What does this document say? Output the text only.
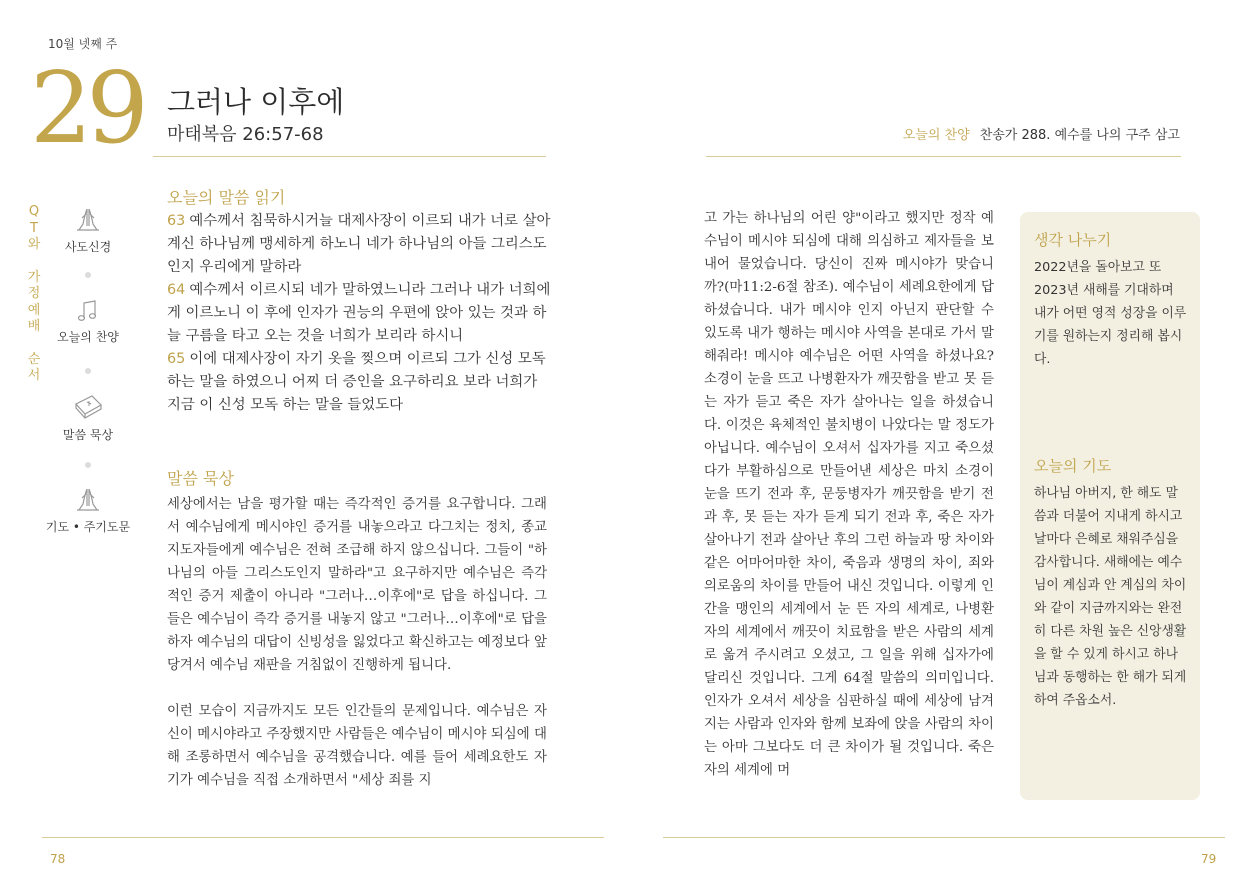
10월 넷째 주
29 그러나 이후에
마태복음 26:57-68	오늘의 찬양 찬송가 288. 예수를 나의 구주 삼고
Q
T
와
가
정
예
배
순
서
사도신경
오늘의 찬양
말씀 묵상
기도 • 주기도문
오늘의 말씀 읽기

63 예수께서 침묵하시거늘 대제사장이 이르되 내가 너로 살아 계신 하나님께 맹세하게 하노니 네가 하나님의 아들 그리스도인지 우리에게 말하라

64 예수께서 이르시되 네가 말하였느니라 그러나 내가 너희에게 이르노니 이 후에 인자가 권능의 우편에 앉아 있는 것과 하늘 구름을 타고 오는 것을 너희가 보리라 하시니

65 이에 대제사장이 자기 옷을 찢으며 이르되 그가 신성 모독하는 말을 하였으니 어찌 더 증인을 요구하리요 보라 너희가 지금 이 신성 모독 하는 말을 들었도다

말씀 묵상

세상에서는 남을 평가할 때는 즉각적인 증거를 요구합니다. 그래서 예수님에게 메시야인 증거를 내놓으라고 다그치는 정치, 종교지도자들에게 예수님은 전혀 조급해 하지 않으십니다. 그들이 "하나님의 아들 그리스도인지 말하라"고 요구하지만 예수님은 즉각적인 증거 제출이 아니라 "그러나…이후에"로 답을 하십니다. 그들은 예수님이 즉각 증거를 내놓지 않고 "그러나…이후에"로 답을 하자 예수님의 대답이 신빙성을 잃었다고 확신하고는 예정보다 앞당겨서 예수님 재판을 거침없이 진행하게 됩니다.

이런 모습이 지금까지도 모든 인간들의 문제입니다. 예수님은 자신이 메시야라고 주장했지만 사람들은 예수님이 메시야 되심에 대해 조롱하면서 예수님을 공격했습니다. 예를 들어 세례요한도 자기가 예수님을 직접 소개하면서 "세상 죄를 지

고 가는 하나님의 어린 양"이라고 했지만 정작 예수님이 메시야 되심에 대해 의심하고 제자들을 보내어 물었습니다. 당신이 진짜 메시야가 맞습니까?(마11:2-6절 참조). 예수님이 세례요한에게 답하셨습니다. 내가 메시야 인지 아닌지 판단할 수 있도록 내가 행하는 메시야 사역을 본대로 가서 말해줘라! 메시야 예수님은 어떤 사역을 하셨나요? 소경이 눈을 뜨고 나병환자가 깨끗함을 받고 못 듣는 자가 듣고 죽은 자가 살아나는 일을 하셨습니다. 이것은 육체적인 불치병이 나았다는 말 정도가 아닙니다. 예수님이 오셔서 십자가를 지고 죽으셨다가 부활하심으로 만들어낸 세상은 마치 소경이 눈을 뜨기 전과 후, 문둥병자가 깨끗함을 받기 전과 후, 못 듣는 자가 듣게 되기 전과 후, 죽은 자가 살아나기 전과 살아난 후의 그런 하늘과 땅 차이와 같은 어마어마한 차이, 죽음과 생명의 차이, 죄와 의로움의 차이를 만들어 내신 것입니다. 이렇게 인간을 맹인의 세계에서 눈 뜬 자의 세계로, 나병환자의 세계에서 깨끗이 치료함을 받은 사람의 세계로 옮겨 주시려고 오셨고, 그 일을 위해 십자가에 달리신 것입니다. 그게 64절 말씀의 의미입니다. 인자가 오셔서 세상을 심판하실 때에 세상에 남겨지는 사람과 인자와 함께 보좌에 앉을 사람의 차이는 아마 그보다도 더 큰 차이가 될 것입니다. 죽은 자의 세계에 머

생각 나누기
2022년을 돌아보고 또 2023년 새해를 기대하며 내가 어떤 영적 성장을 이루기를 원하는지 정리해 봅시다.
오늘의 기도
하나님 아버지, 한 해도 말씀과 더불어 지내게 하시고 날마다 은혜로 채워주심을 감사합니다. 새해에는 예수님이 계심과 안 계심의 차이와 같이 지금까지와는 완전히 다른 차원 높은 신앙생활을 할 수 있게 하시고 하나님과 동행하는 한 해가 되게 하여 주옵소서.
78	79
